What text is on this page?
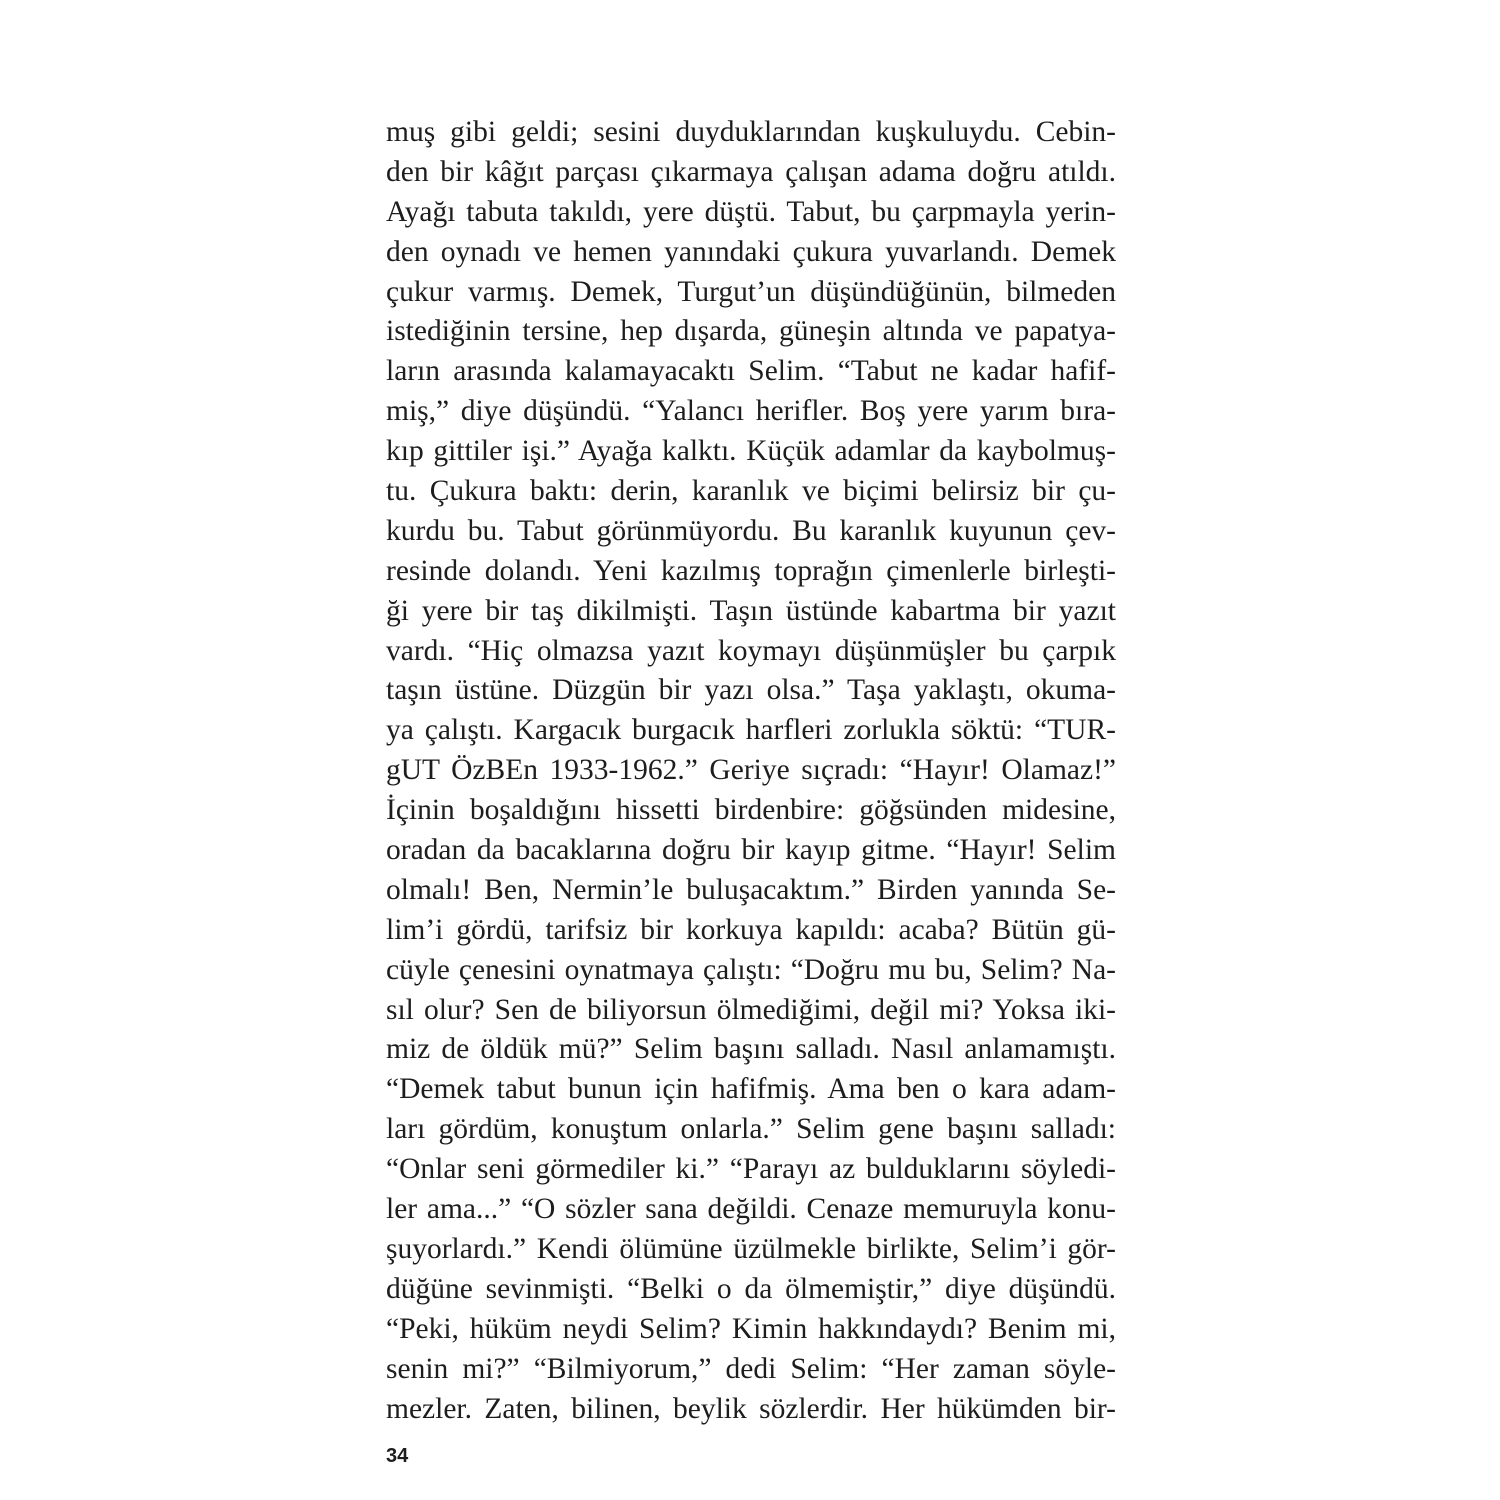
muş gibi geldi; sesini duyduklarından kuşkuluydu. Cebin-
den bir kâğıt parçası çıkarmaya çalışan adama doğru atıldı.
Ayağı tabuta takıldı, yere düştü. Tabut, bu çarpmayla yerin-
den oynadı ve hemen yanındaki çukura yuvarlandı. Demek
çukur varmış. Demek, Turgut’un düşündüğünün, bilmeden
istediğinin tersine, hep dışarda, güneşin altında ve papatya-
ların arasında kalamayacaktı Selim. “Tabut ne kadar hafif-
miş,” diye düşündü. “Yalancı herifler. Boş yere yarım bıra-
kıp gittiler işi.” Ayağa kalktı. Küçük adamlar da kaybolmuş-
tu. Çukura baktı: derin, karanlık ve biçimi belirsiz bir çu-
kurdu bu. Tabut görünmüyordu. Bu karanlık kuyunun çev-
resinde dolandı. Yeni kazılmış toprağın çimenlerle birleşti-
ği yere bir taş dikilmişti. Taşın üstünde kabartma bir yazıt
vardı. “Hiç olmazsa yazıt koymayı düşünmüşler bu çarpık
taşın üstüne. Düzgün bir yazı olsa.” Taşa yaklaştı, okuma-
ya çalıştı. Kargacık burgacık harfleri zorlukla söktü: “TUR-
gUT ÖzBEn 1933-1962.” Geriye sıçradı: “Hayır! Olamaz!”
İçinin boşaldığını hissetti birdenbire: göğsünden midesine,
oradan da bacaklarına doğru bir kayıp gitme. “Hayır! Selim
olmalı! Ben, Nermin’le buluşacaktım.” Birden yanında Se-
lim’i gördü, tarifsiz bir korkuya kapıldı: acaba? Bütün gü-
cüyle çenesini oynatmaya çalıştı: “Doğru mu bu, Selim? Na-
sıl olur? Sen de biliyorsun ölmediğimi, değil mi? Yoksa iki-
miz de öldük mü?” Selim başını salladı. Nasıl anlamamıştı.
“Demek tabut bunun için hafifmiş. Ama ben o kara adam-
ları gördüm, konuştum onlarla.” Selim gene başını salladı:
“Onlar seni görmediler ki.” “Parayı az bulduklarını söyledi-
ler ama...” “O sözler sana değildi. Cenaze memuruyla konu-
şuyorlardı.” Kendi ölümüne üzülmekle birlikte, Selim’i gör-
düğüne sevinmişti. “Belki o da ölmemiştir,” diye düşündü.
“Peki, hüküm neydi Selim? Kimin hakkındaydı? Benim mi,
senin mi?” “Bilmiyorum,” dedi Selim: “Her zaman söyle-
mezler. Zaten, bilinen, beylik sözlerdir. Her hükümden bir-
34
